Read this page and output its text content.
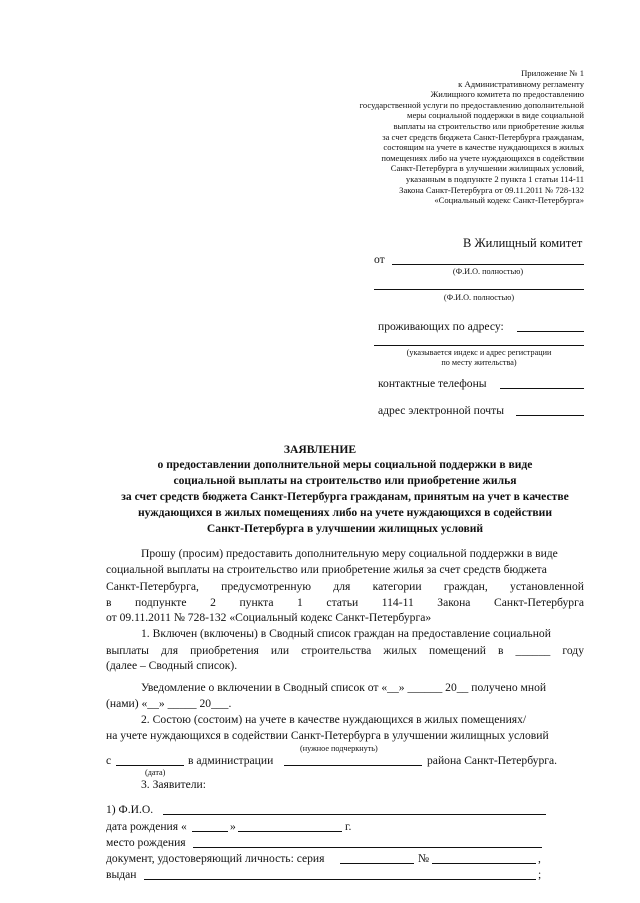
Приложение № 1
к Административному регламенту
Жилищного комитета по предоставлению
государственной услуги по предоставлению дополнительной
меры социальной поддержки в виде социальной
выплаты на строительство или приобретение жилья
за счет средств бюджета Санкт-Петербурга гражданам,
состоящим на учете в качестве нуждающихся в жилых
помещениях либо на учете нуждающихся в содействии
Санкт-Петербурга в улучшении жилищных условий,
указанным в подпункте 2 пункта 1 статьи 114-11
Закона Санкт-Петербурга от 09.11.2011 № 728-132
«Социальный кодекс Санкт-Петербурга»
В Жилищный комитет
от
(Ф.И.О. полностью)
(Ф.И.О. полностью)
проживающих по адресу:
(указывается индекс и адрес регистрации
по месту жительства)
контактные телефоны
адрес электронной почты
ЗАЯВЛЕНИЕ
о предоставлении дополнительной меры социальной поддержки в виде
социальной выплаты на строительство или приобретение жилья
за счет средств бюджета Санкт-Петербурга гражданам, принятым на учет в качестве
нуждающихся в жилых помещениях либо на учете нуждающихся в содействии
Санкт-Петербурга в улучшении жилищных условий
Прошу (просим) предоставить дополнительную меру социальной поддержки в виде
социальной выплаты на строительство или приобретение жилья за счет средств бюджета
Санкт-Петербурга, предусмотренную для категории граждан, установленной
в подпункте 2 пункта 1 статьи 114-11 Закона Санкт-Петербурга
от 09.11.2011 № 728-132 «Социальный кодекс Санкт-Петербурга»
1. Включен (включены) в Сводный список граждан на предоставление социальной
выплаты для приобретения или строительства жилых помещений в ______ году
(далее – Сводный список).
Уведомление о включении в Сводный список от «__» ______ 20__ получено мной
(нами) «__» _____ 20___.
2. Состою (состоим) на учете в качестве нуждающихся в жилых помещениях/
на учете нуждающихся в содействии Санкт-Петербурга в улучшении жилищных условий
(нужное подчеркнуть)
с	в администрации	района Санкт-Петербурга.
(дата)
3. Заявители:
1) Ф.И.О.
дата рождения «	»	г.
место рождения
документ, удостоверяющий личность: серия	№	,
выдан	;
